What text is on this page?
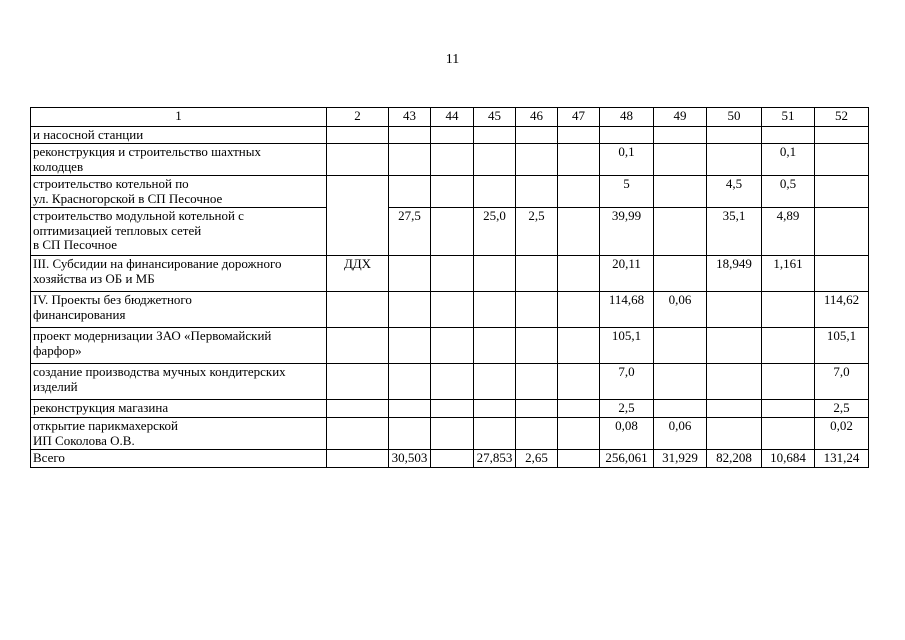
11
1	2	43	44	45	46	47	48	49	50	51	52
и насосной станции											
реконструкция и строительство шахтных
колодцев							0,1			0,1	
строительство котельной по
ул. Красногорской в СП Песочное							5		4,5	0,5	
строительство модульной котельной с
оптимизацией тепловых сетей
в СП Песочное		27,5		25,0	2,5		39,99		35,1	4,89	
III. Субсидии на финансирование дорожного
хозяйства из ОБ и МБ	ДДХ						20,11		18,949	1,161	
IV. Проекты без бюджетного
финансирования							114,68	0,06			114,62
проект модернизации ЗАО «Первомайский
фарфор»							105,1				105,1
создание производства мучных кондитерских
изделий							7,0				7,0
реконструкция магазина							2,5				2,5
открытие парикмахерской
ИП Соколова О.В.							0,08	0,06			0,02
Всего		30,503		27,853	2,65		256,061	31,929	82,208	10,684	131,24
